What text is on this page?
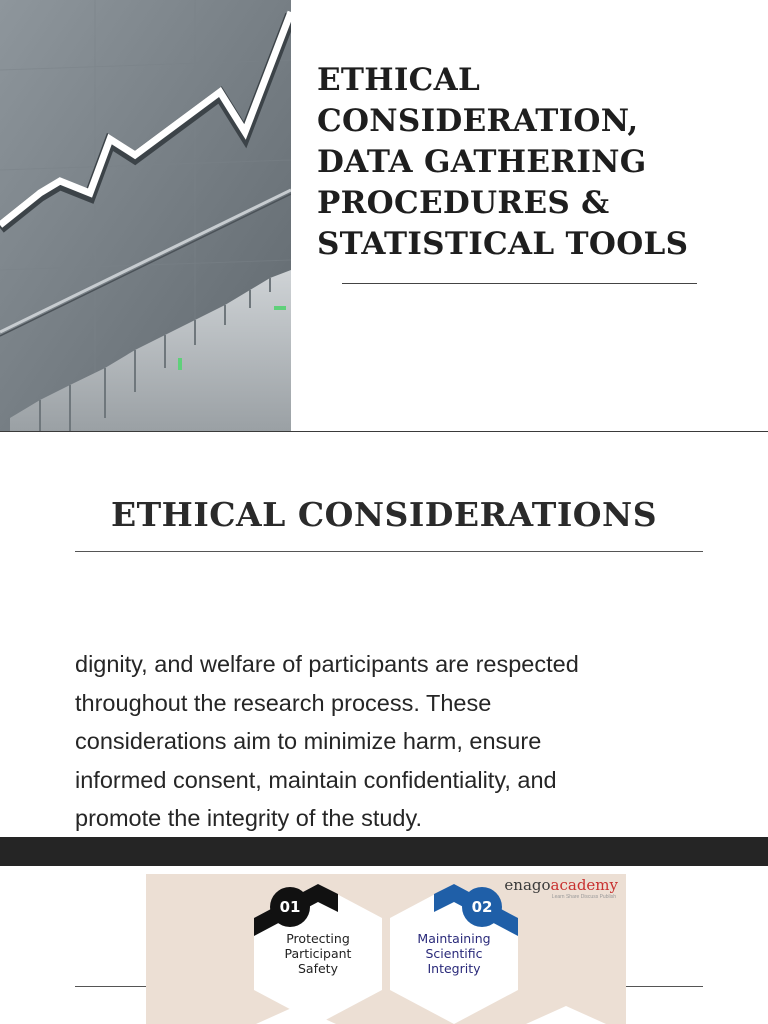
ETHICAL
CONSIDERATION,
DATA GATHERING
PROCEDURES &
STATISTICAL TOOLS
ETHICAL CONSIDERATIONS

dignity, and welfare of participants are respected
throughout the research process. These
considerations aim to minimize harm, ensure
informed consent, maintain confidentiality, and
promote the integrity of the study.

01	02
Protecting
Participant
Safety
Maintaining
Scientific
Integrity
enagoacademy
Learn Share Discuss Publish
